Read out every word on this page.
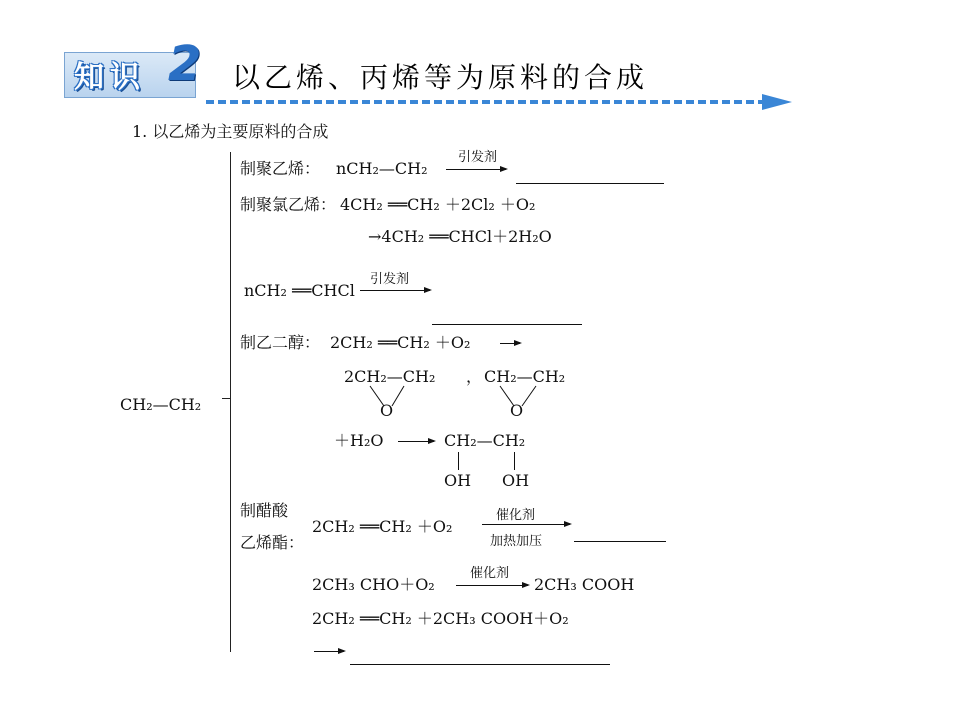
知识 2 以乙烯、丙烯等为原料的合成
1. 以乙烯为主要原料的合成
CH₂—CH₂
制聚乙烯： nCH₂—CH₂
引发剂
制聚氯乙烯： 4CH₂ ══CH₂ ＋2Cl₂ ＋O₂
→4CH₂ ══CHCl＋2H₂O
nCH₂ ══CHCl
引发剂
制乙二醇： 2CH₂ ══CH₂ ＋O₂
2CH₂—CH₂ ， CH₂—CH₂
O	O
＋H₂O	CH₂—CH₂
OH OH
制醋酸
乙烯酯：
2CH₂ ══CH₂ ＋O₂
催化剂
加热加压
2CH₃ CHO＋O₂
催化剂
2CH₃ COOH
2CH₂ ══CH₂ ＋2CH₃ COOH＋O₂
